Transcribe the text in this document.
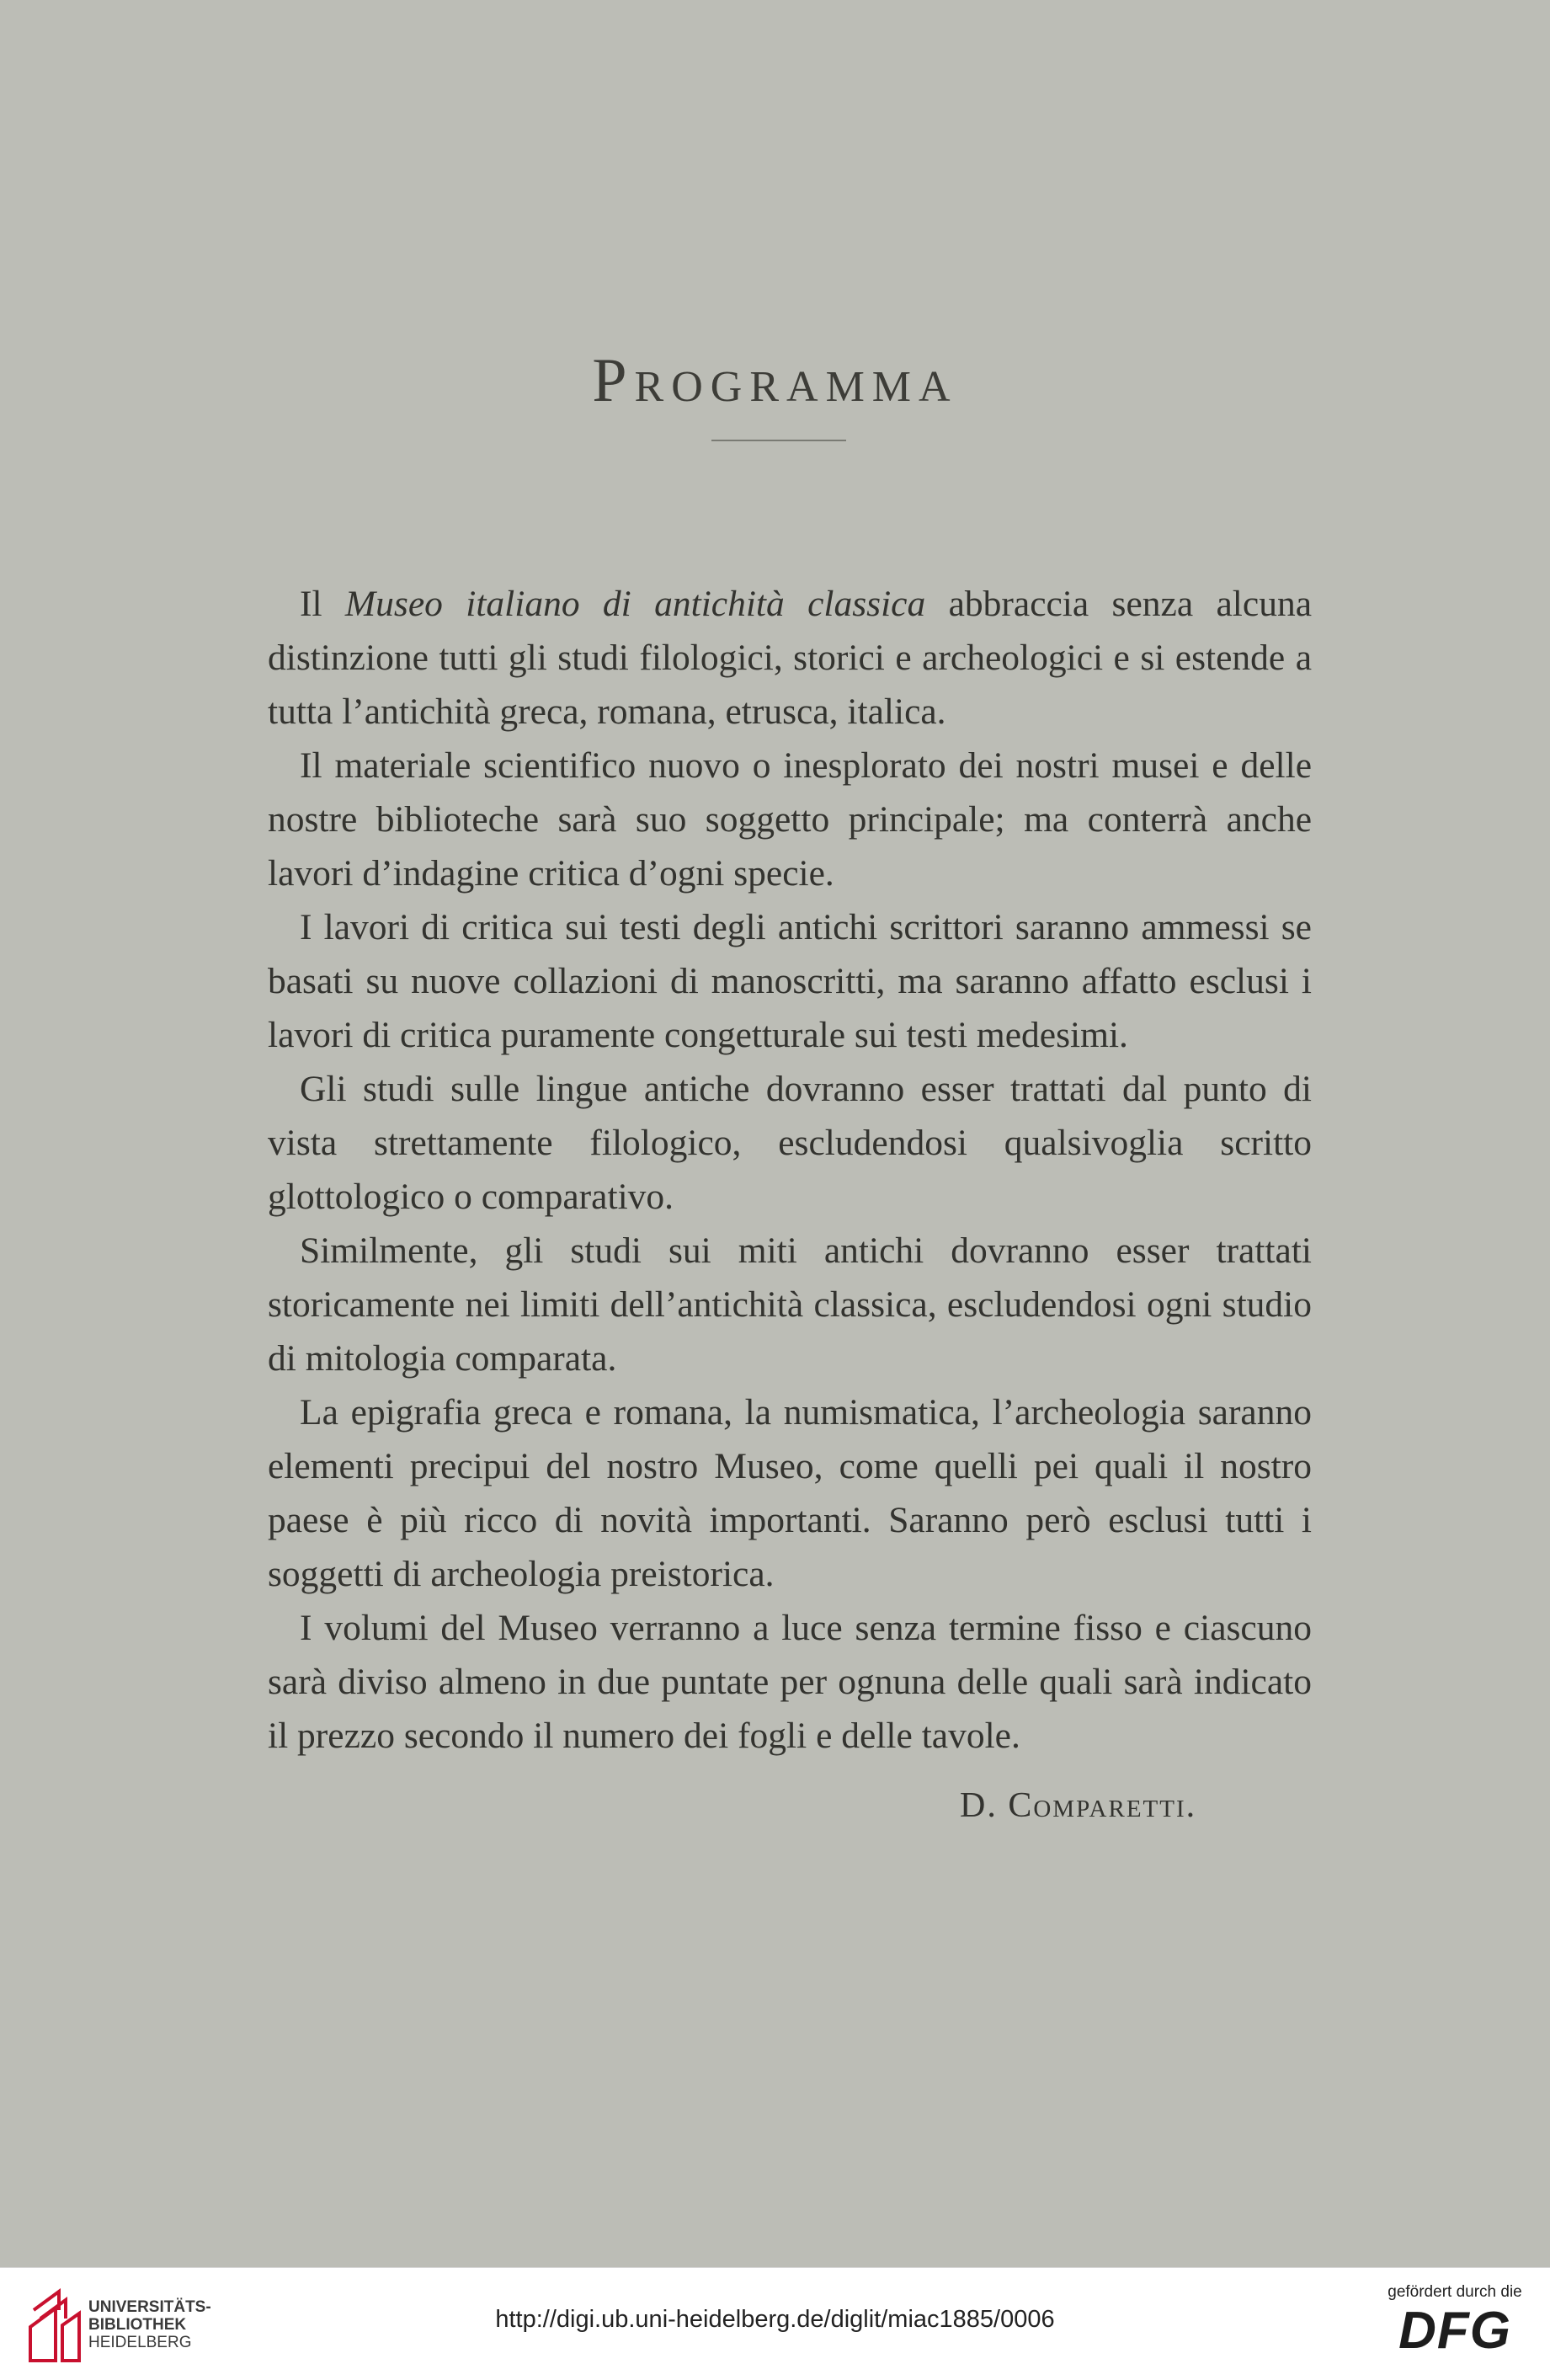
Programma

Il Museo italiano di antichità classica abbraccia senza alcuna distinzione tutti gli studi filologici, storici e archeologici e si estende a tutta l’antichità greca, romana, etrusca, italica.

Il materiale scientifico nuovo o inesplorato dei nostri musei e delle nostre biblioteche sarà suo soggetto principale; ma conterrà anche lavori d’indagine critica d’ogni specie.

I lavori di critica sui testi degli antichi scrittori saranno ammessi se basati su nuove collazioni di manoscritti, ma saranno affatto esclusi i lavori di critica puramente congetturale sui testi medesimi.

Gli studi sulle lingue antiche dovranno esser trattati dal punto di vista strettamente filologico, escludendosi qualsivoglia scritto glottologico o comparativo.

Similmente, gli studi sui miti antichi dovranno esser trattati storicamente nei limiti dell’antichità classica, escludendosi ogni studio di mitologia comparata.

La epigrafia greca e romana, la numismatica, l’archeologia saranno elementi precipui del nostro Museo, come quelli pei quali il nostro paese è più ricco di novità importanti. Saranno però esclusi tutti i soggetti di archeologia preistorica.

I volumi del Museo verranno a luce senza termine fisso e ciascuno sarà diviso almeno in due puntate per ognuna delle quali sarà indicato il prezzo secondo il numero dei fogli e delle tavole.

D. Comparetti.
UNIVERSITÄTS-
BIBLIOTHEK
HEIDELBERG
http://digi.ub.uni-heidelberg.de/diglit/miac1885/0006
gefördert durch die
DFG
